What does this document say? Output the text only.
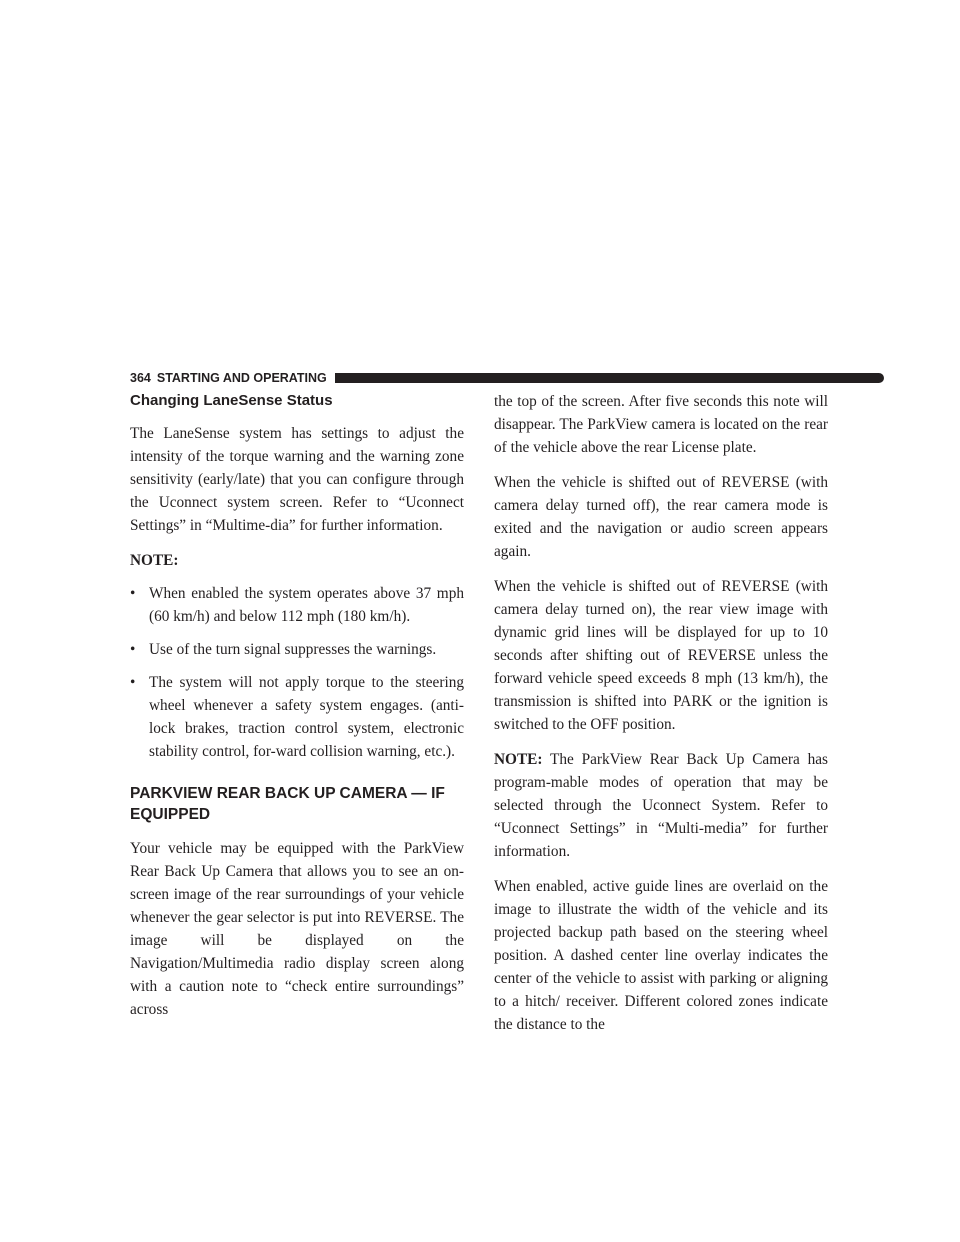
364 STARTING AND OPERATING
Changing LaneSense Status

The LaneSense system has settings to adjust the intensity of the torque warning and the warning zone sensitivity (early/late) that you can configure through the Uconnect system screen. Refer to “Uconnect Settings” in “Multime-dia” for further information.

NOTE:

• When enabled the system operates above 37 mph (60 km/h) and below 112 mph (180 km/h).
• Use of the turn signal suppresses the warnings.
• The system will not apply torque to the steering wheel whenever a safety system engages. (anti-lock brakes, traction control system, electronic stability control, for-ward collision warning, etc.).
PARKVIEW REAR BACK UP CAMERA — IF EQUIPPED

Your vehicle may be equipped with the ParkView Rear Back Up Camera that allows you to see an on-screen image of the rear surroundings of your vehicle whenever the gear selector is put into REVERSE. The image will be displayed on the Navigation/Multimedia radio display screen along with a caution note to “check entire surroundings” across

the top of the screen. After five seconds this note will disappear. The ParkView camera is located on the rear of the vehicle above the rear License plate.

When the vehicle is shifted out of REVERSE (with camera delay turned off), the rear camera mode is exited and the navigation or audio screen appears again.

When the vehicle is shifted out of REVERSE (with camera delay turned on), the rear view image with dynamic grid lines will be displayed for up to 10 seconds after shifting out of REVERSE unless the forward vehicle speed exceeds 8 mph (13 km/h), the transmission is shifted into PARK or the ignition is switched to the OFF position.

NOTE: The ParkView Rear Back Up Camera has program-mable modes of operation that may be selected through the Uconnect System. Refer to “Uconnect Settings” in “Multi-media” for further information.

When enabled, active guide lines are overlaid on the image to illustrate the width of the vehicle and its projected backup path based on the steering wheel position. A dashed center line overlay indicates the center of the vehicle to assist with parking or aligning to a hitch/ receiver. Different colored zones indicate the distance to the
